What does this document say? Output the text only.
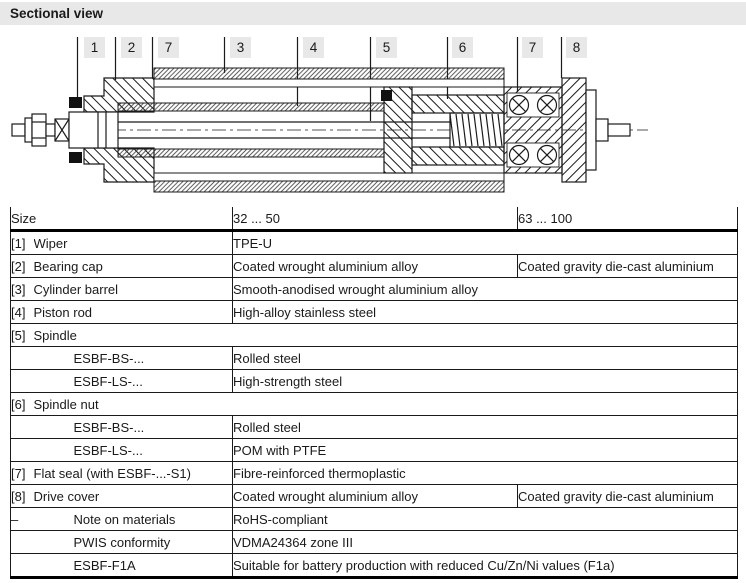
Sectional view
1	2	7	3	4	5	6	7	8
Size			32 ... 50	63 ... 100
[1]	Wiper		TPE-U	
[2]	Bearing cap		Coated wrought aluminium alloy	Coated gravity die-cast aluminium
[3]	Cylinder barrel		Smooth-anodised wrought aluminium alloy	
[4]	Piston rod		High-alloy stainless steel	
[5]	Spindle			
		ESBF-BS-...	Rolled steel	
		ESBF-LS-...	High-strength steel	
[6]	Spindle nut			
		ESBF-BS-...	Rolled steel	
		ESBF-LS-...	POM with PTFE	
[7]	Flat seal (with ESBF-...-S1)		Fibre-reinforced thermoplastic	
[8]	Drive cover		Coated wrought aluminium alloy	Coated gravity die-cast aluminium
–		Note on materials	RoHS-compliant	
		PWIS conformity	VDMA24364 zone III	
		ESBF-F1A	Suitable for battery production with reduced Cu/Zn/Ni values (F1a)	
